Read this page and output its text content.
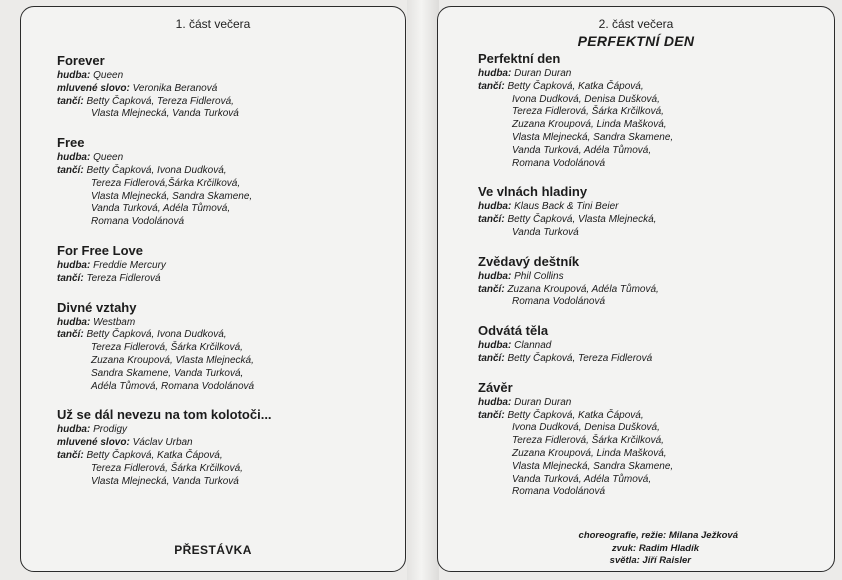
1. část večera
Forever
hudba: Queen
mluvené slovo: Veronika Beranová
tančí: Betty Čapková, Tereza Fidlerová,
Vlasta Mlejnecká, Vanda Turková
Free
hudba: Queen
tančí: Betty Čapková, Ivona Dudková,
Tereza Fidlerová,Šárka Krčilková,
Vlasta Mlejnecká, Sandra Skamene,
Vanda Turková, Adéla Tůmová,
Romana Vodolánová
For Free Love
hudba: Freddie Mercury
tančí: Tereza Fidlerová
Divné vztahy
hudba: Westbam
tančí: Betty Čapková, Ivona Dudková,
Tereza Fidlerová, Šárka Krčilková,
Zuzana Kroupová, Vlasta Mlejnecká,
Sandra Skamene, Vanda Turková,
Adéla Tůmová, Romana Vodolánová
Už se dál nevezu na tom kolotoči...
hudba: Prodigy
mluvené slovo: Václav Urban
tančí: Betty Čapková, Katka Čápová,
Tereza Fidlerová, Šárka Krčilková,
Vlasta Mlejnecká, Vanda Turková
PŘESTÁVKA
2. část večera
PERFEKTNÍ DEN
Perfektní den
hudba: Duran Duran
tančí: Betty Čapková, Katka Čápová,
Ivona Dudková, Denisa Dušková,
Tereza Fidlerová, Šárka Krčilková,
Zuzana Kroupová, Linda Mašková,
Vlasta Mlejnecká, Sandra Skamene,
Vanda Turková, Adéla Tůmová,
Romana Vodolánová
Ve vlnách hladiny
hudba: Klaus Back & Tini Beier
tančí: Betty Čapková, Vlasta Mlejnecká,
Vanda Turková
Zvědavý deštník
hudba: Phil Collins
tančí: Zuzana Kroupová, Adéla Tůmová,
Romana Vodolánová
Odvátá těla
hudba: Clannad
tančí: Betty Čapková, Tereza Fidlerová
Závěr
hudba: Duran Duran
tančí: Betty Čapková, Katka Čápová,
Ivona Dudková, Denisa Dušková,
Tereza Fidlerová, Šárka Krčilková,
Zuzana Kroupová, Linda Mašková,
Vlasta Mlejnecká, Sandra Skamene,
Vanda Turková, Adéla Tůmová,
Romana Vodolánová
choreografie, režie: Milana Ježková
zvuk: Radim Hladík
světla: Jiří Raisler
